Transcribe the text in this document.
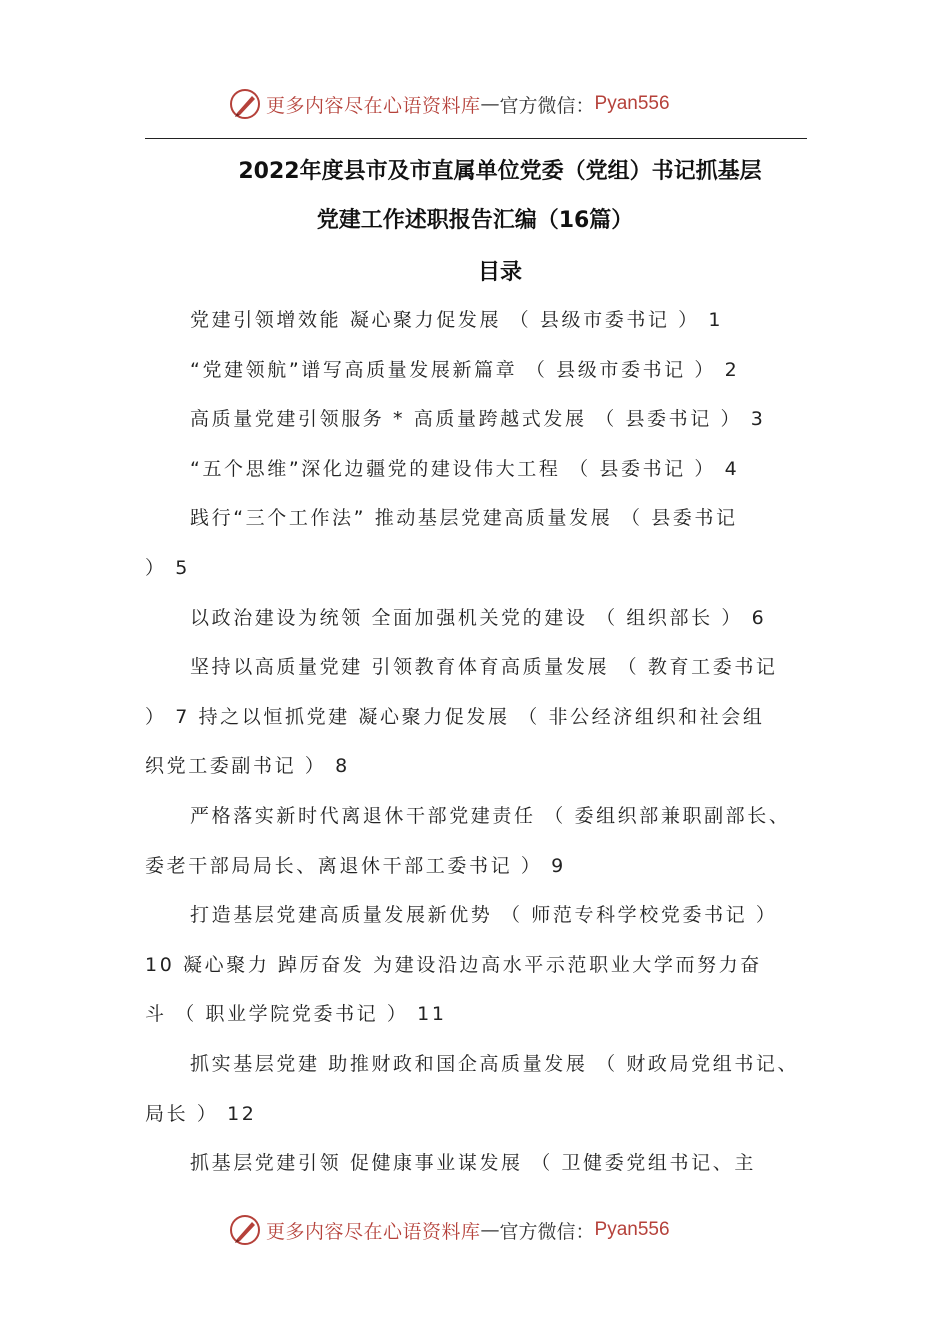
更多内容尽在心语资料库 — 官方微信： Pyan556
2022年度县市及市直属单位党委（党组）书记抓基层
党建工作述职报告汇编（16篇）
目录
党建引领增效能 凝心聚力促发展 （ 县级市委书记 ） 1
“党建领航”谱写高质量发展新篇章 （ 县级市委书记 ） 2
高质量党建引领服务 * 高质量跨越式发展 （ 县委书记 ） 3
“五个思维”深化边疆党的建设伟大工程 （ 县委书记 ） 4
践行“三个工作法” 推动基层党建高质量发展 （ 县委书记
） 5
以政治建设为统领 全面加强机关党的建设 （ 组织部长 ） 6
坚持以高质量党建 引领教育体育高质量发展 （ 教育工委书记
） 7 持之以恒抓党建 凝心聚力促发展 （ 非公经济组织和社会组
织党工委副书记 ） 8
严格落实新时代离退休干部党建责任 （ 委组织部兼职副部长、
委老干部局局长、离退休干部工委书记 ） 9
打造基层党建高质量发展新优势 （ 师范专科学校党委书记 ）
10 凝心聚力 踔厉奋发 为建设沿边高水平示范职业大学而努力奋
斗 （ 职业学院党委书记 ） 11
抓实基层党建 助推财政和国企高质量发展 （ 财政局党组书记、
局长 ） 12
抓基层党建引领 促健康事业谋发展 （ 卫健委党组书记、主
更多内容尽在心语资料库 — 官方微信： Pyan556
